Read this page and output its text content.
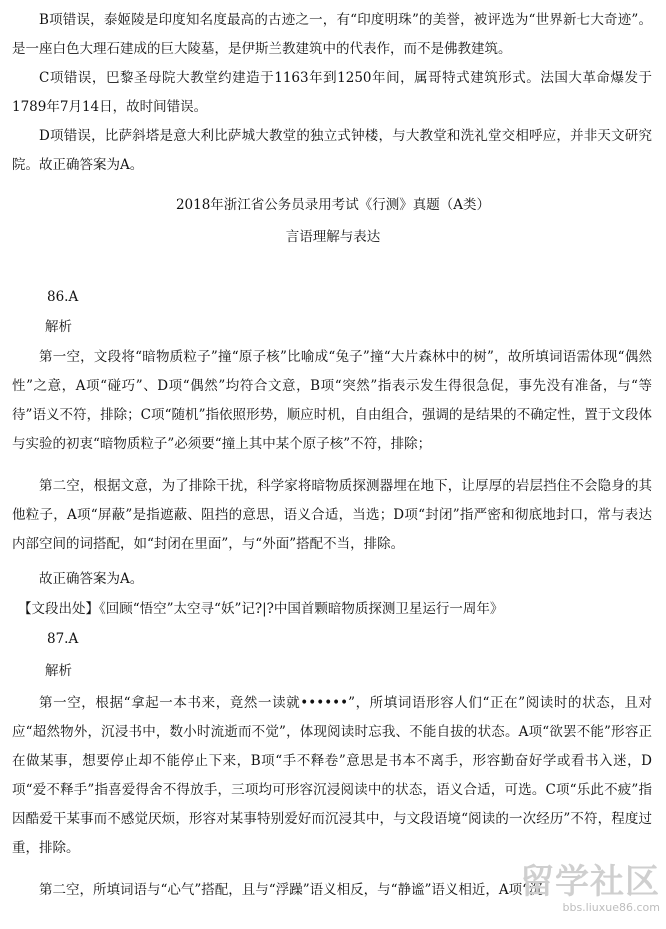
B项错误，泰姬陵是印度知名度最高的古迹之一，有“印度明珠”的美誉，被评选为“世界新七大奇迹”。是一座白色大理石建成的巨大陵墓，是伊斯兰教建筑中的代表作，而不是佛教建筑。

C项错误，巴黎圣母院大教堂约建造于1163年到1250年间，属哥特式建筑形式。法国大革命爆发于1789年7月14日，故时间错误。

D项错误，比萨斜塔是意大利比萨城大教堂的独立式钟楼，与大教堂和洗礼堂交相呼应，并非天文研究院。 故正确答案为A。

2018年浙江省公务员录用考试《行测》真题（A类）

言语理解与表达

86.A

解析

第一空，文段将“暗物质粒子”撞“原子核”比喻成“兔子”撞“大片森林中的树”，故所填词语需体现“偶然性”之意，A项“碰巧”、D项“偶然”均符合文意，B项“突然”指表示发生得很急促，事先没有准备，与“等待”语义不符，排除；C项“随机”指依照形势，顺应时机，自由组合，强调的是结果的不确定性，置于文段体与实验的初衷“暗物质粒子”必须要“撞上其中某个原子核”不符，排除；

第二空，根据文意，为了排除干扰，科学家将暗物质探测器埋在地下，让厚厚的岩层挡住不会隐身的其他粒子，A项“屏蔽”是指遮蔽、阻挡的意思，语义合适，当选；D项“封闭”指严密和彻底地封口，常与表达内部空间的词搭配，如“封闭在里面”，与“外面”搭配不当，排除。

故正确答案为A。

【文段出处】《回顾“悟空”太空寻“妖”记?|?中国首颗暗物质探测卫星运行一周年》

87.A

解析

第一空，根据“拿起一本书来，竟然一读就••••••”，所填词语形容人们“正在”阅读时的状态，且对应“超然物外，沉浸书中，数小时流逝而不觉”，体现阅读时忘我、不能自拔的状态。A项“欲罢不能”形容正在做某事，想要停止却不能停止下来，B项“手不释卷”意思是书本不离手，形容勤奋好学或看书入迷，D项“爱不释手”指喜爱得舍不得放手，三项均可形容沉浸阅读中的状态，语义合适，可选。C项“乐此不疲”指因酷爱干某事而不感觉厌烦，形容对某事特别爱好而沉浸其中，与文段语境“阅读的一次经历”不符，程度过重，排除。

第二空，所填词语与“心气”搭配，且与“浮躁”语义相反，与“静谧”语义相近，A项“沉

留学社区
bbs.liuxue86.com
